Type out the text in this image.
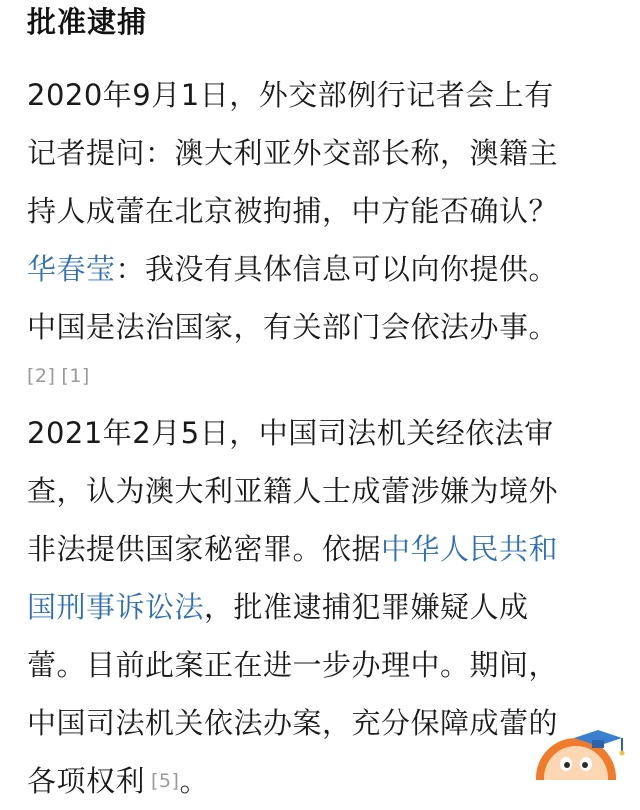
批准逮捕
2020年9月1日，外交部例行记者会上有
记者提问：澳大利亚外交部长称，澳籍主
持人成蕾在北京被拘捕，中方能否确认？
华春莹：我没有具体信息可以向你提供。
中国是法治国家，有关部门会依法办事。
[2] [1]
2021年2月5日，中国司法机关经依法审
查，认为澳大利亚籍人士成蕾涉嫌为境外
非法提供国家秘密罪。依据中华人民共和
国刑事诉讼法，批准逮捕犯罪嫌疑人成
蕾。目前此案正在进一步办理中。期间，
中国司法机关依法办案，充分保障成蕾的
各项权利 [5]。
